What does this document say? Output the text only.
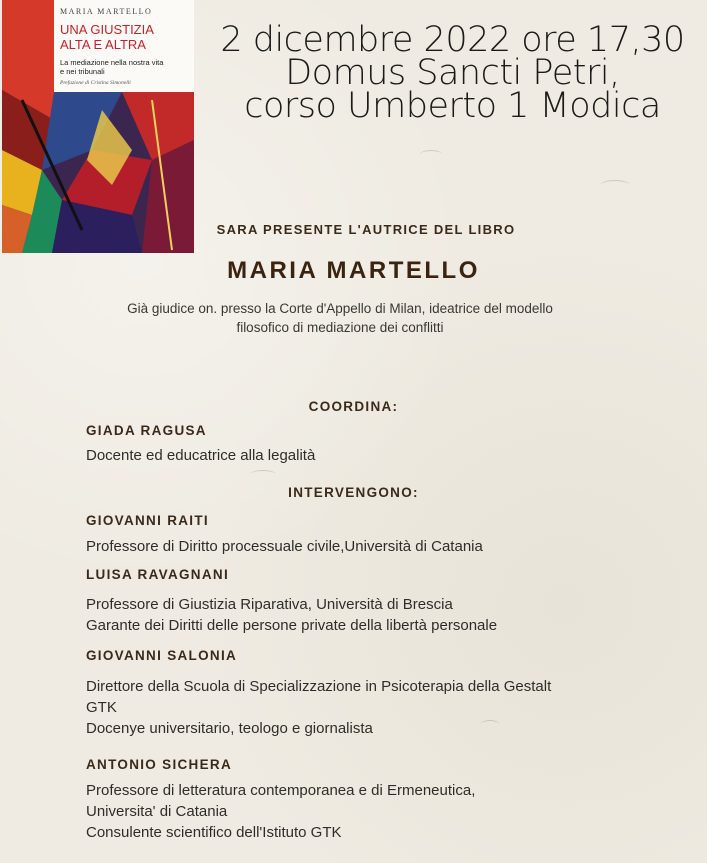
MARIA MARTELLO
UNA GIUSTIZIA
ALTA E ALTRA
La mediazione nella nostra vita
e nei tribunali
Prefazione di Cristina Simonelli
2 dicembre 2022 ore 17,30
Domus Sancti Petri,
corso Umberto 1 Modica
SARA PRESENTE L'AUTRICE DEL LIBRO
MARIA MARTELLO
Già giudice on. presso la Corte d'Appello di Milan, ideatrice del modello
filosofico di mediazione dei conflitti
COORDINA:
GIADA RAGUSA
Docente ed educatrice alla legalità
INTERVENGONO:
GIOVANNI RAITI
Professore di Diritto processuale civile,Università di Catania
LUISA RAVAGNANI
Professore di Giustizia Riparativa, Università di Brescia
Garante dei Diritti delle persone private della libertà personale
GIOVANNI SALONIA
Direttore della Scuola di Specializzazione in Psicoterapia della Gestalt
GTK
Docenye universitario, teologo e giornalista
ANTONIO SICHERA
Professore di letteratura contemporanea e di Ermeneutica,
Universita' di Catania
Consulente scientifico dell'Istituto GTK
